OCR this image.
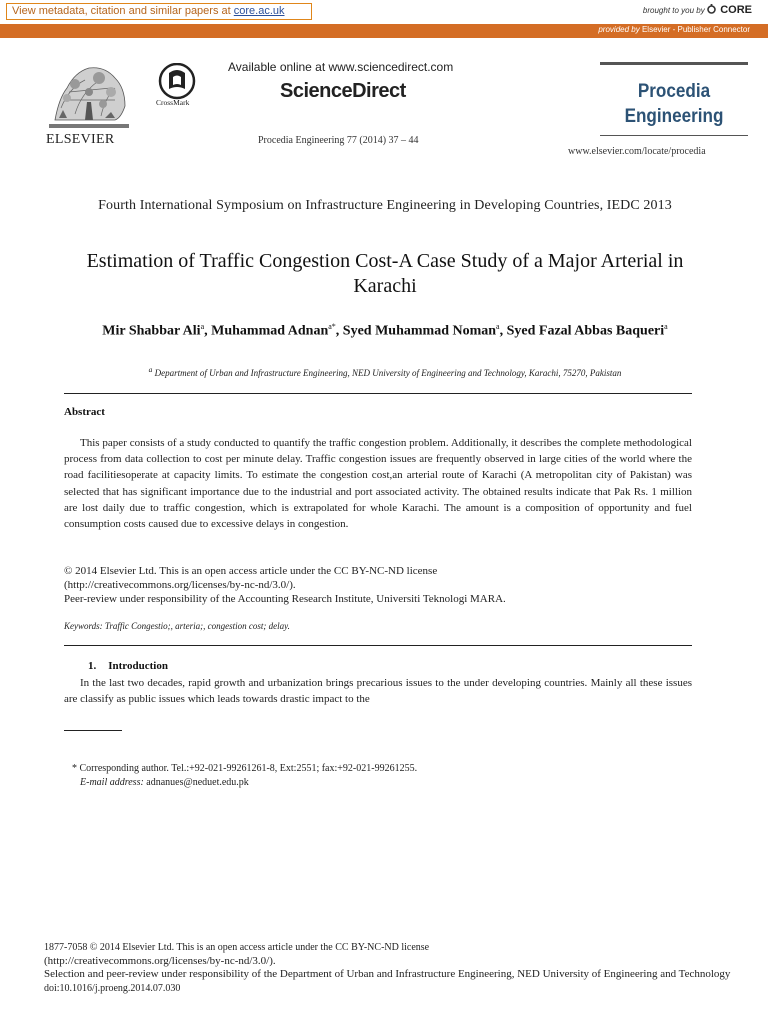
View metadata, citation and similar papers at core.ac.uk	brought to you by CORE
provided by Elsevier - Publisher Connector
ELSEVIER
CrossMark
Available online at www.sciencedirect.com
ScienceDirect
Procedia Engineering 77 (2014) 37 – 44
Procedia
Engineering
www.elsevier.com/locate/procedia
Fourth International Symposium on Infrastructure Engineering in Developing Countries, IEDC 2013
Estimation of Traffic Congestion Cost-A Case Study of a Major Arterial in Karachi
Mir Shabbar Ali$^a$, Muhammad Adnan$^{a*}$, Syed Muhammad Noman$^a$, Syed Fazal Abbas Baqueri$^a$
$^a$ Department of Urban and Infrastructure Engineering, NED University of Engineering and Technology, Karachi, 75270, Pakistan
Abstract
This paper consists of a study conducted to quantify the traffic congestion problem. Additionally, it describes the complete methodological process from data collection to cost per minute delay. Traffic congestion issues are frequently observed in large cities of the world where the road facilitiesoperate at capacity limits. To estimate the congestion cost,an arterial route of Karachi (A metropolitan city of Pakistan) was selected that has significant importance due to the industrial and port associated activity. The obtained results indicate that Pak Rs. 1 million are lost daily due to traffic congestion, which is extrapolated for whole Karachi. The amount is a composition of opportunity and fuel consumption costs caused due to excessive delays in congestion.
© 2014 Elsevier Ltd. This is an open access article under the CC BY-NC-ND license
(http://creativecommons.org/licenses/by-nc-nd/3.0/).
Peer-review under responsibility of the Accounting Research Institute, Universiti Teknologi MARA.
Keywords: Traffic Congestio;, arteria;, congestion cost; delay.
1. Introduction
In the last two decades, rapid growth and urbanization brings precarious issues to the under developing countries. Mainly all these issues are classify as public issues which leads towards drastic impact to the
* Corresponding author. Tel.:+92-021-99261261-8, Ext:2551; fax:+92-021-99261255.
E-mail address: adnanues@neduet.edu.pk
1877-7058 © 2014 Elsevier Ltd. This is an open access article under the CC BY-NC-ND license
(http://creativecommons.org/licenses/by-nc-nd/3.0/).
Selection and peer-review under responsibility of the Department of Urban and Infrastructure Engineering, NED University of Engineering and Technology
doi:10.1016/j.proeng.2014.07.030
